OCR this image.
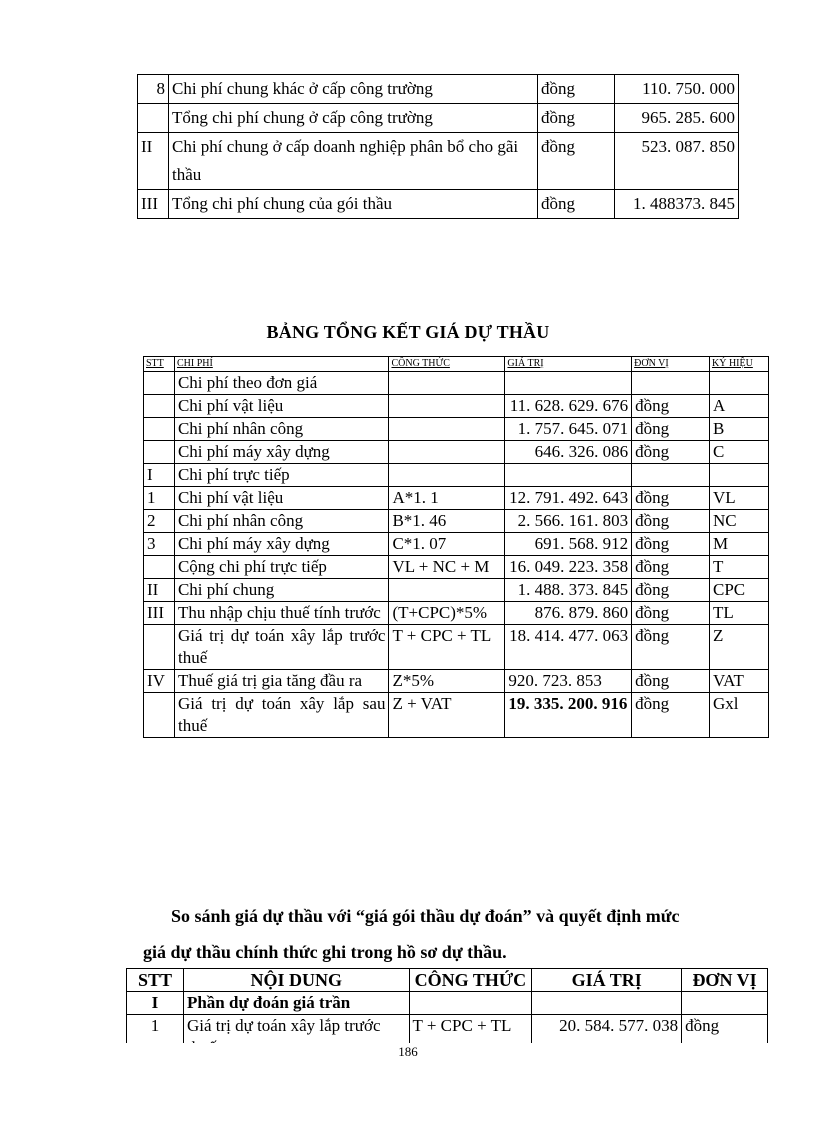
8	Chi phí chung khác ở cấp công trường	đồng	110. 750. 000
	Tổng chi phí chung ở cấp công trường	đồng	965. 285. 600
II	Chi phí chung ở cấp doanh nghiệp phân bổ cho gãi thầu	đồng	523. 087. 850
III	Tổng chi phí chung của gói thầu	đồng	1. 488373. 845
BẢNG TỔNG KẾT GIÁ DỰ THẦU
STT	CHI PHÍ	CÔNG THỨC	GIÁ TRỊ	ĐƠN VỊ	KÝ HIỆU
	Chi phí theo đơn giá				
	Chi phí vật liệu		11. 628. 629. 676	đồng	A
	Chi phí nhân công		1. 757. 645. 071	đồng	B
	Chi phí máy xây dựng		646. 326. 086	đồng	C
I	Chi phí trực tiếp				
1	Chi phí vật liệu	A*1. 1	12. 791. 492. 643	đồng	VL
2	Chi phí nhân công	B*1. 46	2. 566. 161. 803	đồng	NC
3	Chi phí máy xây dựng	C*1. 07	691. 568. 912	đồng	M
	Cộng chi phí trực tiếp	VL + NC + M	16. 049. 223. 358	đồng	T
II	Chi phí chung		1. 488. 373. 845	đồng	CPC
III	Thu nhập chịu thuế tính trước	(T+CPC)*5%	876. 879. 860	đồng	TL
	Giá trị dự toán xây lắp trước thuế	T + CPC + TL	18. 414. 477. 063	đồng	Z
IV	Thuế giá trị gia tăng đầu ra	Z*5%	920. 723. 853	đồng	VAT
	Giá trị dự toán xây lắp sau thuế	Z + VAT	19. 335. 200. 916	đồng	Gxl
So sánh giá dự thầu với “giá gói thầu dự đoán” và quyết định mức
giá dự thầu chính thức ghi trong hồ sơ dự thầu.
STT	NỘI DUNG	CÔNG THỨC	GIÁ TRỊ	ĐƠN VỊ
I	Phần dự đoán giá trần			
1	Giá trị dự toán xây lắp trước	T + CPC + TL	20. 584. 577. 038	đồng
186
